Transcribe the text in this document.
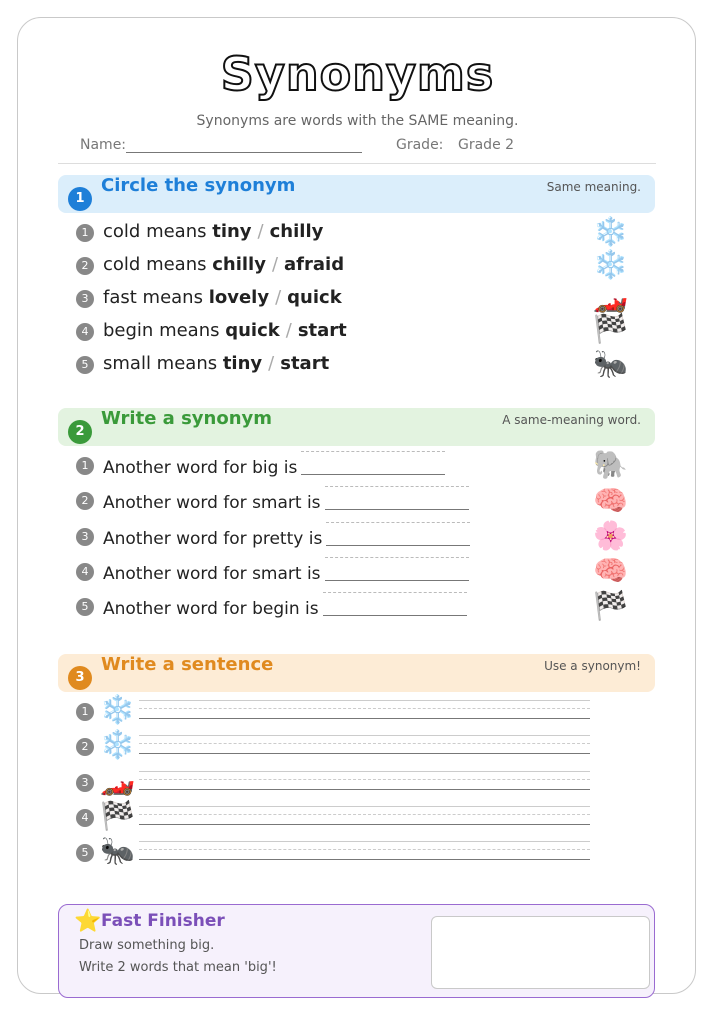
Synonyms
Synonyms are words with the SAME meaning.
Name:	Grade: Grade 2
1
Circle the synonym	Same meaning.
2
Write a synonym	A same-meaning word.
3
Write a sentence	Use a synonym!
1 cold means tiny / chilly	❄️
2 cold means chilly / afraid	❄️
3 fast means lovely / quick	🏎️
4 begin means quick / start	🏁
5 small means tiny / start	🐜
1 Another word for big is	🐘
2 Another word for smart is	🧠
3 Another word for pretty is	🌸
4 Another word for smart is	🧠
5 Another word for begin is	🏁
1 ❄️
2 ❄️
3 🏎️
4 🏁
5 🐜
⭐ Fast Finisher
Draw something big.
Write 2 words that mean 'big'!
